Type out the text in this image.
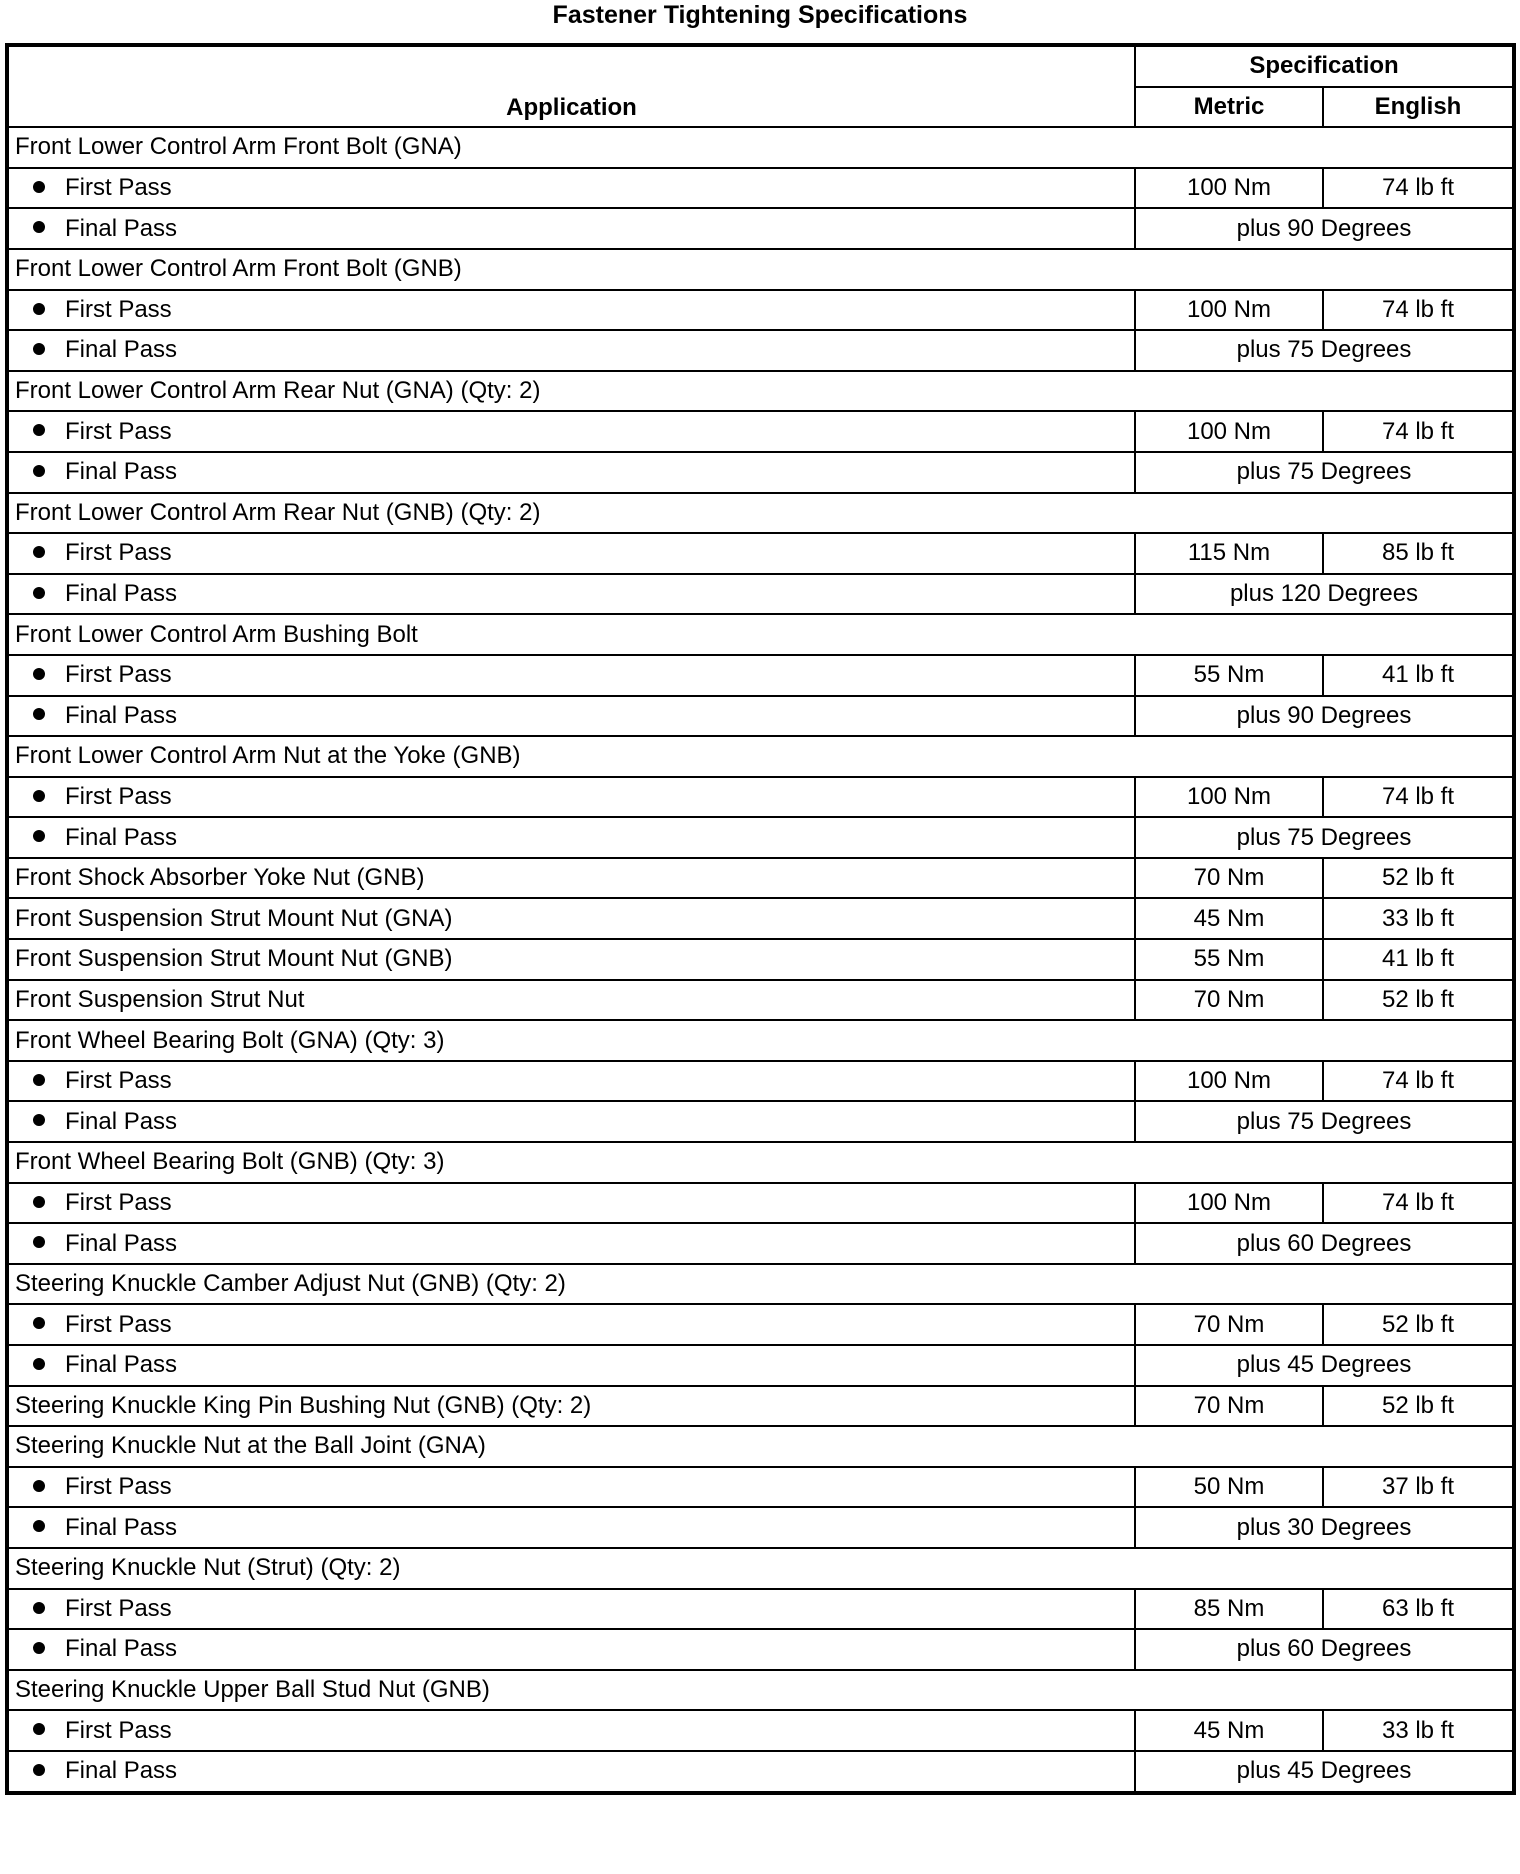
Fastener Tightening Specifications
Application	Specification	
	Metric	English
Front Lower Control Arm Front Bolt (GNA)		
First Pass	100 Nm	74 lb ft
Final Pass	plus 90 Degrees	
Front Lower Control Arm Front Bolt (GNB)		
First Pass	100 Nm	74 lb ft
Final Pass	plus 75 Degrees	
Front Lower Control Arm Rear Nut (GNA) (Qty: 2)		
First Pass	100 Nm	74 lb ft
Final Pass	plus 75 Degrees	
Front Lower Control Arm Rear Nut (GNB) (Qty: 2)		
First Pass	115 Nm	85 lb ft
Final Pass	plus 120 Degrees	
Front Lower Control Arm Bushing Bolt		
First Pass	55 Nm	41 lb ft
Final Pass	plus 90 Degrees	
Front Lower Control Arm Nut at the Yoke (GNB)		
First Pass	100 Nm	74 lb ft
Final Pass	plus 75 Degrees	
Front Shock Absorber Yoke Nut (GNB)	70 Nm	52 lb ft
Front Suspension Strut Mount Nut (GNA)	45 Nm	33 lb ft
Front Suspension Strut Mount Nut (GNB)	55 Nm	41 lb ft
Front Suspension Strut Nut	70 Nm	52 lb ft
Front Wheel Bearing Bolt (GNA) (Qty: 3)		
First Pass	100 Nm	74 lb ft
Final Pass	plus 75 Degrees	
Front Wheel Bearing Bolt (GNB) (Qty: 3)		
First Pass	100 Nm	74 lb ft
Final Pass	plus 60 Degrees	
Steering Knuckle Camber Adjust Nut (GNB) (Qty: 2)		
First Pass	70 Nm	52 lb ft
Final Pass	plus 45 Degrees	
Steering Knuckle King Pin Bushing Nut (GNB) (Qty: 2)	70 Nm	52 lb ft
Steering Knuckle Nut at the Ball Joint (GNA)		
First Pass	50 Nm	37 lb ft
Final Pass	plus 30 Degrees	
Steering Knuckle Nut (Strut) (Qty: 2)		
First Pass	85 Nm	63 lb ft
Final Pass	plus 60 Degrees	
Steering Knuckle Upper Ball Stud Nut (GNB)		
First Pass	45 Nm	33 lb ft
Final Pass	plus 45 Degrees	
